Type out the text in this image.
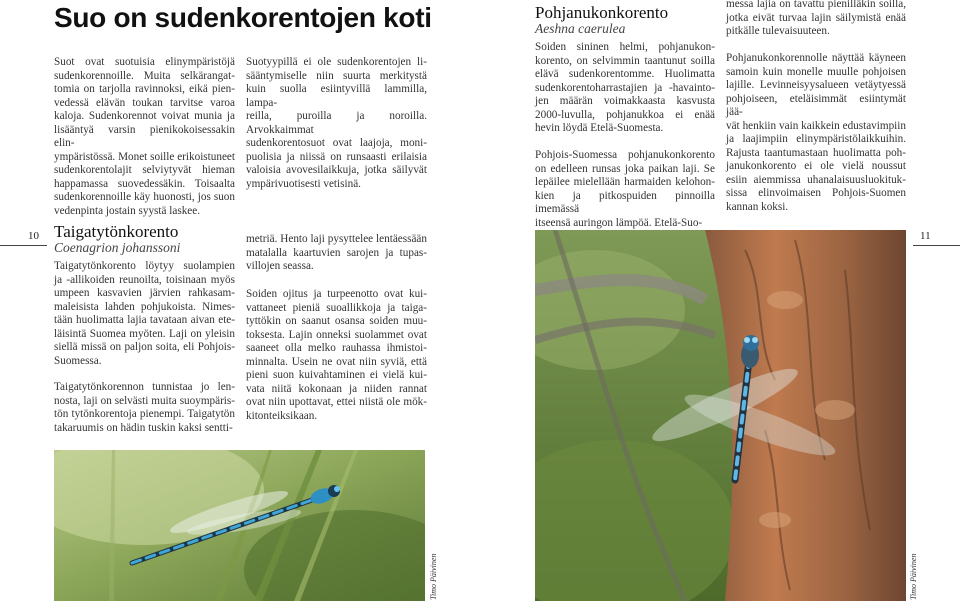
Suo on sudenkorentojen koti
Suot ovat suotuisia elinympäristöjä
sudenkorennoille. Muita selkärangat-
tomia on tarjolla ravinnoksi, eikä pien-
vedessä elävän toukan tarvitse varoa
kaloja. Sudenkorennot voivat munia ja
lisääntyä varsin pienikokoisessakin elin-
ympäristössä. Monet soille erikoistuneet
sudenkorentolajit selviytyvät hieman
happamassa suovedessäkin. Toisaalta
sudenkorennoille käy huonosti, jos suon
vedenpinta jostain syystä laskee.
Suotyypillä ei ole sudenkorentojen li-
sääntymiselle niin suurta merkitystä
kuin suolla esiintyvillä lammilla, lampa-
reilla, puroilla ja noroilla. Arvokkaimmat
sudenkorentosuot ovat laajoja, moni-
puolisia ja niissä on runsaasti erilaisia
valoisia avovesilaikkuja, jotka säilyvät
ympärivuotisesti vetisinä.
10 Taigatytönkorento
Coenagrion johanssoni
Taigatytönkorento löytyy suolampien
ja -allikoiden reunoilta, toisinaan myös
umpeen kasvavien järvien rahkasam-
maleisista lahden pohjukoista. Nimes-
tään huolimatta lajia tavataan aivan ete-
läisintä Suomea myöten. Laji on yleisin
siellä missä on paljon soita, eli Pohjois-
Suomessa.
Taigatytönkorennon tunnistaa jo len-
nosta, laji on selvästi muita suoympäris-
tön tytönkorentoja pienempi. Taigatytön
takaruumis on hädin tuskin kaksi sentti-
metriä. Hento laji pysyttelee lentäessään
matalalla kaartuvien sarojen ja tupas-
villojen seassa.
Soiden ojitus ja turpeenotto ovat kui-
vattaneet pieniä suoallikkoja ja taiga-
tyttökin on saanut osansa soiden muu-
toksesta. Lajin onneksi suolammet ovat
saaneet olla melko rauhassa ihmistoi-
minnalta. Usein ne ovat niin syviä, että
pieni suon kuivahtaminen ei vielä kui-
vata niitä kokonaan ja niiden rannat
ovat niin upottavat, ettei niistä ole mök-
kitonteiksikaan.
Timo Päivinen
Pohjanukonkorento
Aeshna caerulea
Soiden sininen helmi, pohjanukon-
korento, on selvimmin taantunut soilla
elävä sudenkorentomme. Huolimatta
sudenkorentoharrastajien ja -havainto-
jen määrän voimakkaasta kasvusta
2000-luvulla, pohjanukkoa ei enää
hevin löydä Etelä-Suomesta.
Pohjois-Suomessa pohjanukonkorento
on edelleen runsas joka paikan laji. Se
lepäilee mielellään harmaiden kelohon-
kien ja pitkospuiden pinnoilla imemässä
itseensä auringon lämpöä. Etelä-Suo-
messa lajia on tavattu pienilläkin soilla,
jotka eivät turvaa lajin säilymistä enää
pitkälle tulevaisuuteen.
Pohjanukonkorennolle näyttää käyneen
samoin kuin monelle muulle pohjoisen
lajille. Levinneisyysalueen vetäytyessä
pohjoiseen, eteläisimmät esiintymät jää-
vät henkiin vain kaikkein edustavimpiin
ja laajimpiin elinympäristölaikkuihin.
Rajusta taantumastaan huolimatta poh-
janukonkorento ei ole vielä noussut
esiin aiemmissa uhanalaisuusluokituk-
sissa elinvoimaisen Pohjois-Suomen
kannan koksi.
11
Timo Päivinen
